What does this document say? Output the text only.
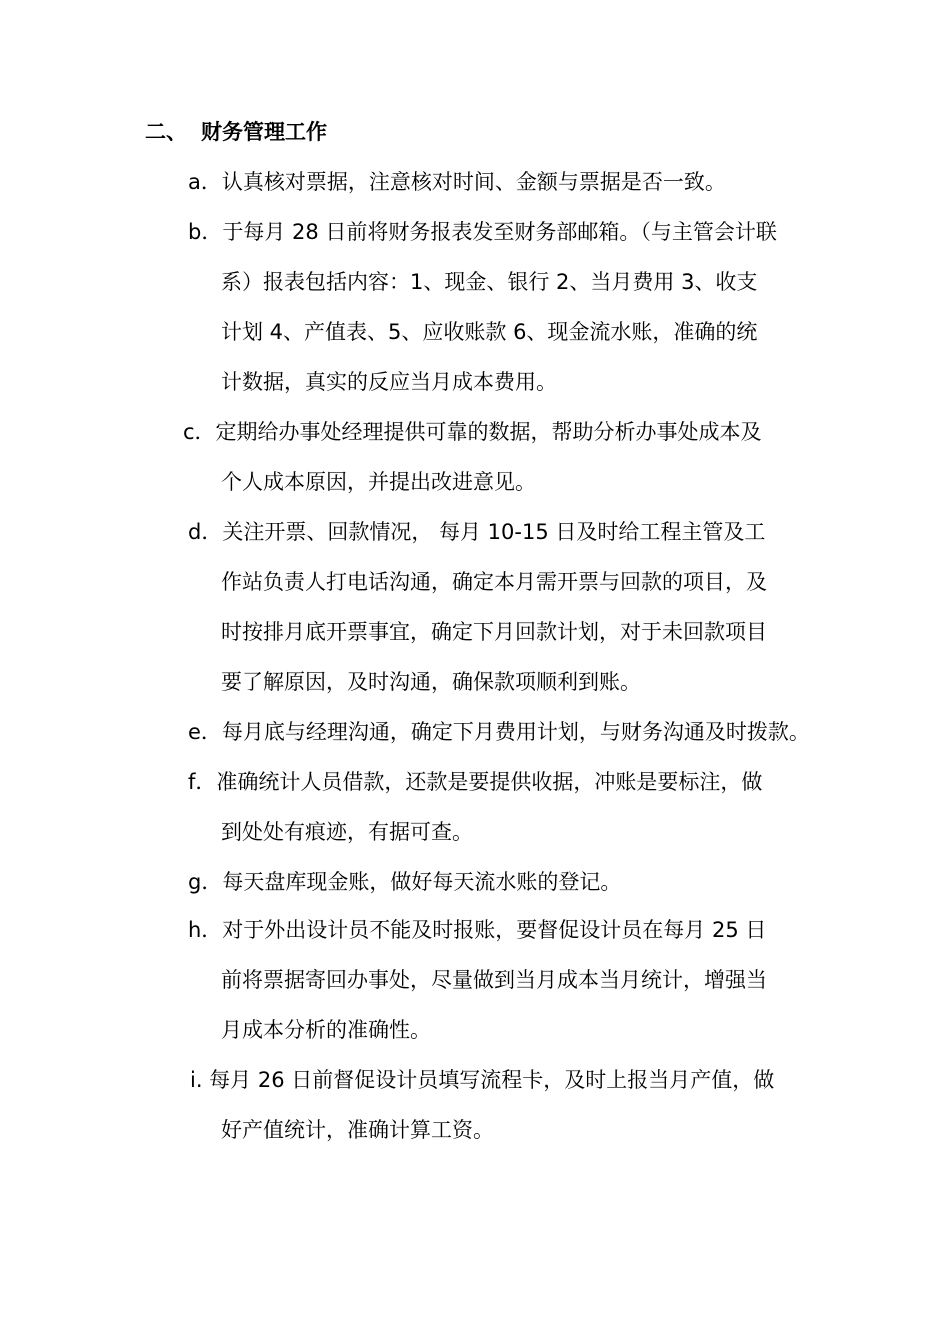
二、 财务管理工作
a．认真核对票据，注意核对时间、金额与票据是否一致。
b．于每月 28 日前将财务报表发至财务部邮箱。（与主管会计联
系）报表包括内容：1、现金、银行 2、当月费用 3、收支
计划 4、产值表、5、应收账款 6、现金流水账，准确的统
计数据，真实的反应当月成本费用。
c．定期给办事处经理提供可靠的数据，帮助分析办事处成本及
个人成本原因，并提出改进意见。
d．关注开票、回款情况， 每月 10-15 日及时给工程主管及工
作站负责人打电话沟通，确定本月需开票与回款的项目，及
时按排月底开票事宜，确定下月回款计划，对于未回款项目
要了解原因，及时沟通，确保款项顺利到账。
e．每月底与经理沟通，确定下月费用计划，与财务沟通及时拨款。
f．准确统计人员借款，还款是要提供收据，冲账是要标注，做
到处处有痕迹，有据可查。
g．每天盘库现金账，做好每天流水账的登记。
h．对于外出设计员不能及时报账，要督促设计员在每月 25 日
前将票据寄回办事处，尽量做到当月成本当月统计，增强当
月成本分析的准确性。
i. 每月 26 日前督促设计员填写流程卡，及时上报当月产值，做
好产值统计，准确计算工资。
